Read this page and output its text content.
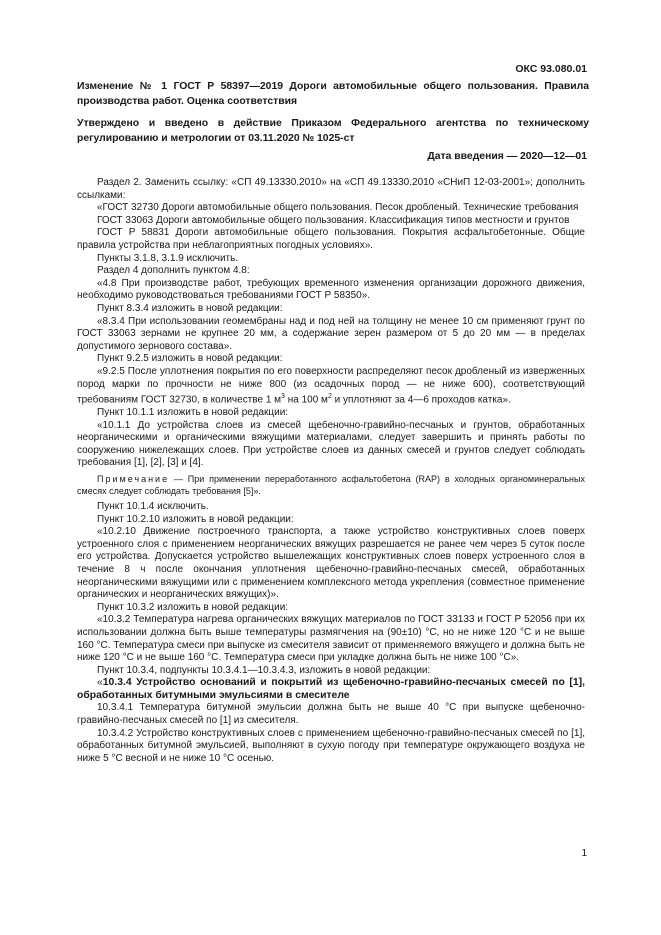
ОКС 93.080.01

Изменение № 1 ГОСТ Р 58397—2019 Дороги автомобильные общего пользования. Правила производства работ. Оценка соответствия

Утверждено и введено в действие Приказом Федерального агентства по техническому регулированию и метрологии от 03.11.2020 № 1025-ст

Дата введения — 2020—12—01

Раздел 2. Заменить ссылку: «СП 49.13330.2010» на «СП 49.13330.2010 «СНиП 12-03-2001»; дополнить ссылками:

«ГОСТ 32730 Дороги автомобильные общего пользования. Песок дробленый. Технические требования

ГОСТ 33063 Дороги автомобильные общего пользования. Классификация типов местности и грунтов

ГОСТ Р 58831 Дороги автомобильные общего пользования. Покрытия асфальтобетонные. Общие правила устройства при неблагоприятных погодных условиях».

Пункты 3.1.8, 3.1.9 исключить.

Раздел 4 дополнить пунктом 4.8:

«4.8 При производстве работ, требующих временного изменения организации дорожного движения, необходимо руководствоваться требованиями ГОСТ Р 58350».

Пункт 8.3.4 изложить в новой редакции:

«8.3.4 При использовании геомембраны над и под ней на толщину не менее 10 см применяют грунт по ГОСТ 33063 зернами не крупнее 20 мм, а содержание зерен размером от 5 до 20 мм — в пределах допустимого зернового состава».

Пункт 9.2.5 изложить в новой редакции:

«9.2.5 После уплотнения покрытия по его поверхности распределяют песок дробленый из изверженных пород марки по прочности не ниже 800 (из осадочных пород — не ниже 600), соответствующий требованиям ГОСТ 32730, в количестве 1 $м^3$ на 100 $м^2$ и уплотняют за 4—6 проходов катка».

Пункт 10.1.1 изложить в новой редакции:

«10.1.1 До устройства слоев из смесей щебеночно-гравийно-песчаных и грунтов, обработанных неорганическими и органическими вяжущими материалами, следует завершить и принять работы по сооружению нижележащих слоев. При устройстве слоев из данных смесей и грунтов следует соблюдать требования [1], [2], [3] и [4].

Примечание — При применении переработанного асфальтобетона (RAP) в холодных органоминеральных смесях следует соблюдать требования [5]».

Пункт 10.1.4 исключить.

Пункт 10.2.10 изложить в новой редакции:

«10.2.10 Движение построечного транспорта, а также устройство конструктивных слоев поверх устроенного слоя с применением неорганических вяжущих разрешается не ранее чем через 5 суток после его устройства. Допускается устройство вышележащих конструктивных слоев поверх устроенного слоя в течение 8 ч после окончания уплотнения щебеночно-гравийно-песчаных смесей, обработанных неорганическими вяжущими или с применением комплексного метода укрепления (совместное применение органических и неорганических вяжущих)».

Пункт 10.3.2 изложить в новой редакции:

«10.3.2 Температура нагрева органических вяжущих материалов по ГОСТ 33133 и ГОСТ Р 52056 при их использовании должна быть выше температуры размягчения на (90±10) °С, но не ниже 120 °С и не выше 160 °С. Температура смеси при выпуске из смесителя зависит от применяемого вяжущего и должна быть не ниже 120 °С и не выше 160 °С. Температура смеси при укладке должна быть не ниже 100 °С».

Пункт 10.3.4, подпункты 10.3.4.1—10.3.4.3, изложить в новой редакции:

«10.3.4 Устройство оснований и покрытий из щебеночно-гравийно-песчаных смесей по [1], обработанных битумными эмульсиями в смесителе

10.3.4.1 Температура битумной эмульсии должна быть не выше 40 °С при выпуске щебеночно-гравийно-песчаных смесей по [1] из смесителя.

10.3.4.2 Устройство конструктивных слоев с применением щебеночно-гравийно-песчаных смесей по [1], обработанных битумной эмульсией, выполняют в сухую погоду при температуре окружающего воздуха не ниже 5 °С весной и не ниже 10 °С осенью.

1
